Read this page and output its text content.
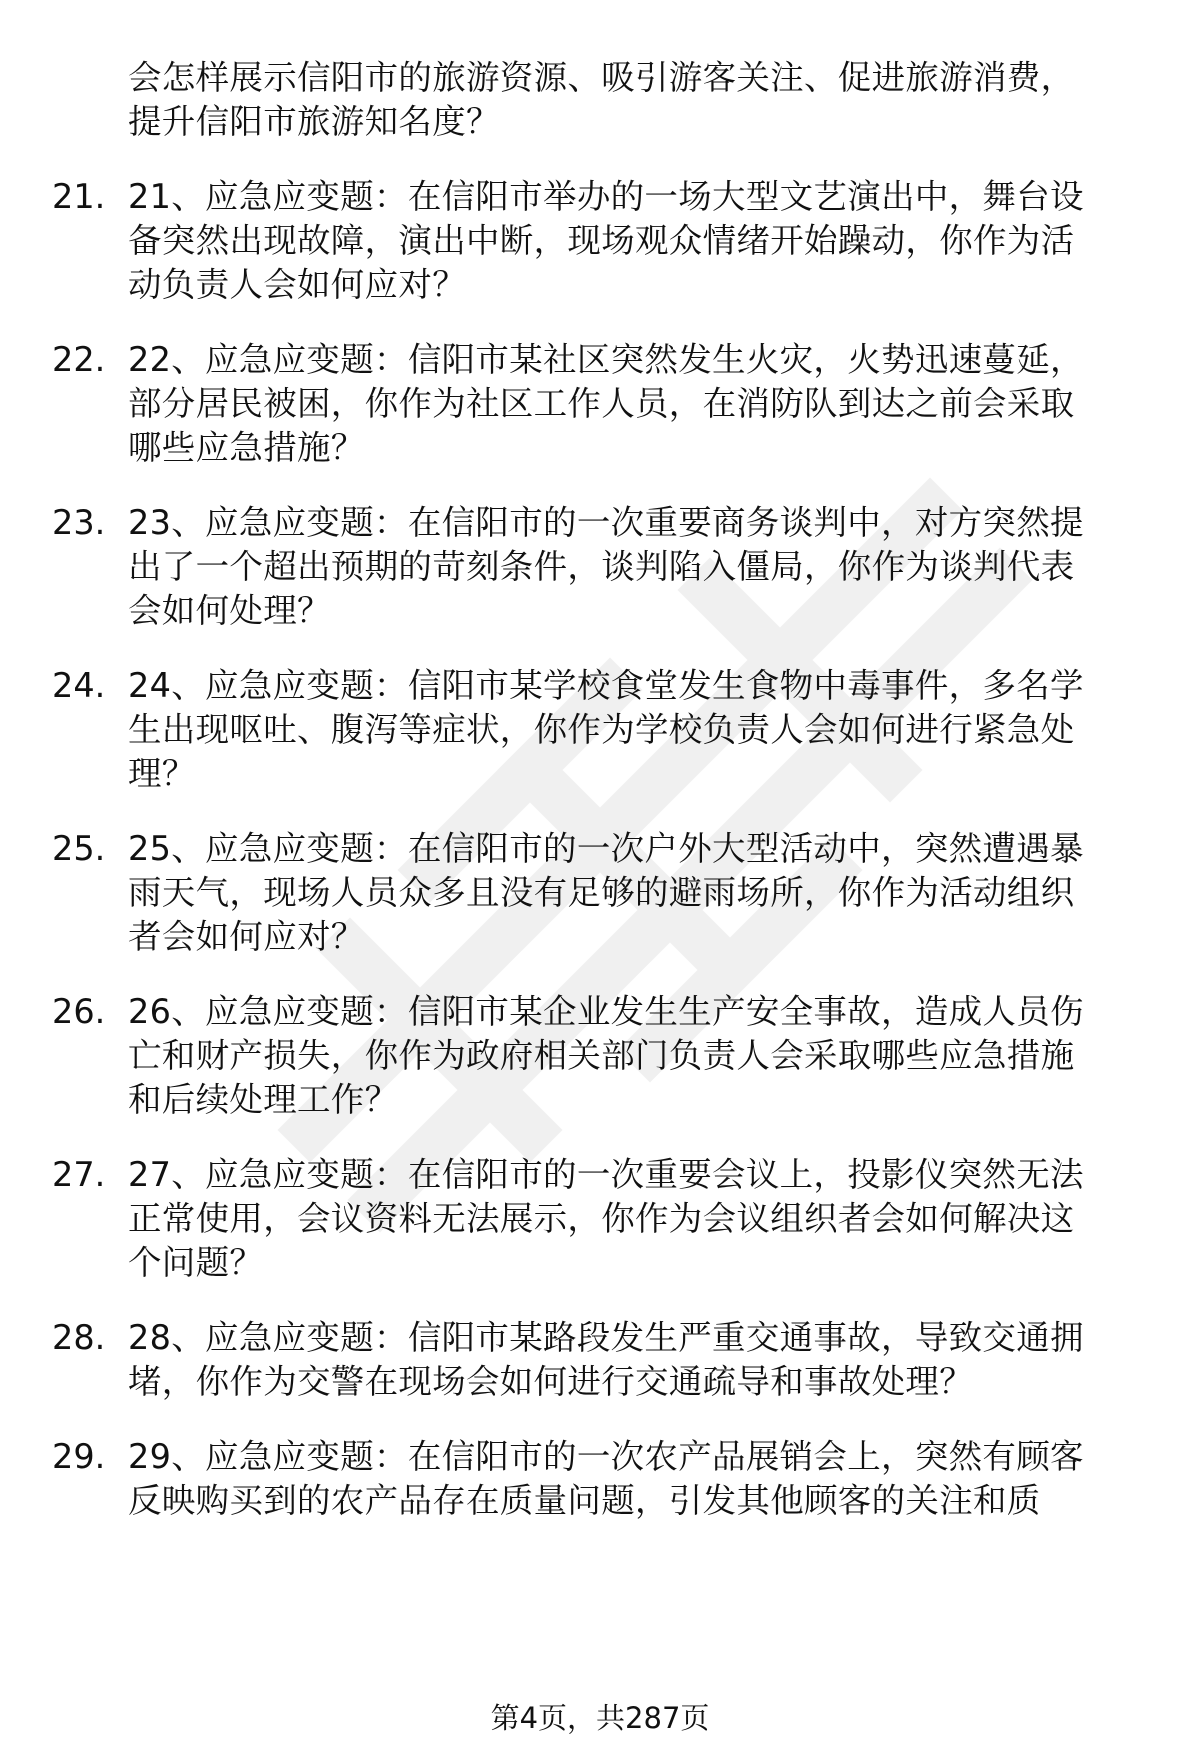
会怎样展示信阳市的旅游资源、吸引游客关注、促进旅游消费，
提升信阳市旅游知名度？
21. 21、应急应变题：在信阳市举办的一场大型文艺演出中，舞台设
备突然出现故障，演出中断，现场观众情绪开始躁动，你作为活
动负责人会如何应对？
22. 22、应急应变题：信阳市某社区突然发生火灾，火势迅速蔓延，
部分居民被困，你作为社区工作人员，在消防队到达之前会采取
哪些应急措施？
23. 23、应急应变题：在信阳市的一次重要商务谈判中，对方突然提
出了一个超出预期的苛刻条件，谈判陷入僵局，你作为谈判代表
会如何处理？
24. 24、应急应变题：信阳市某学校食堂发生食物中毒事件，多名学
生出现呕吐、腹泻等症状，你作为学校负责人会如何进行紧急处
理？
25. 25、应急应变题：在信阳市的一次户外大型活动中，突然遭遇暴
雨天气，现场人员众多且没有足够的避雨场所，你作为活动组织
者会如何应对？
26. 26、应急应变题：信阳市某企业发生生产安全事故，造成人员伤
亡和财产损失，你作为政府相关部门负责人会采取哪些应急措施
和后续处理工作？
27. 27、应急应变题：在信阳市的一次重要会议上，投影仪突然无法
正常使用，会议资料无法展示，你作为会议组织者会如何解决这
个问题？
28. 28、应急应变题：信阳市某路段发生严重交通事故，导致交通拥
堵，你作为交警在现场会如何进行交通疏导和事故处理？
29. 29、应急应变题：在信阳市的一次农产品展销会上，突然有顾客
反映购买到的农产品存在质量问题，引发其他顾客的关注和质
第4页，共287页
